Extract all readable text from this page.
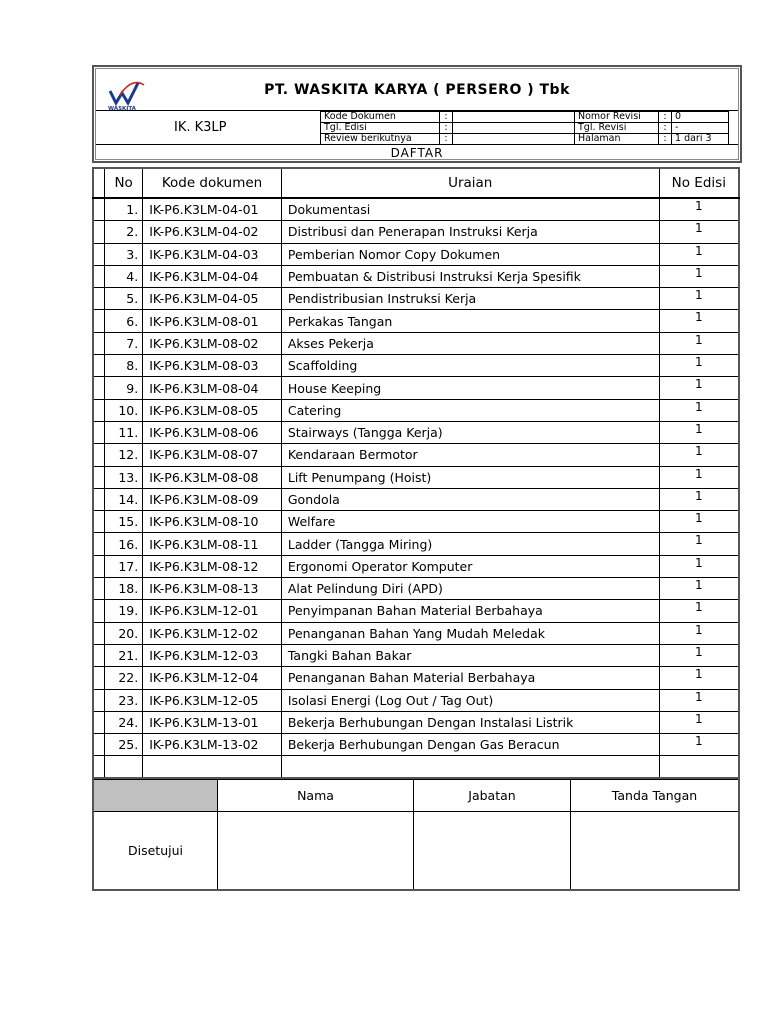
WASKITA
PT. WASKITA KARYA ( PERSERO ) Tbk
IK. K3LP
Kode Dokumen	:		Nomor Revisi	:	0
Tgl. Edisi	:		Tgl. Revisi	:	-
Review berikutnya	:		Halaman	:	1 dari 3
DAFTAR
	No	Kode dokumen	Uraian	No Edisi
	1.	IK-P6.K3LM-04-01	Dokumentasi	1
	2.	IK-P6.K3LM-04-02	Distribusi dan Penerapan Instruksi Kerja	1
	3.	IK-P6.K3LM-04-03	Pemberian Nomor Copy Dokumen	1
	4.	IK-P6.K3LM-04-04	Pembuatan & Distribusi Instruksi Kerja Spesifik	1
	5.	IK-P6.K3LM-04-05	Pendistribusian Instruksi Kerja	1
	6.	IK-P6.K3LM-08-01	Perkakas Tangan	1
	7.	IK-P6.K3LM-08-02	Akses Pekerja	1
	8.	IK-P6.K3LM-08-03	Scaffolding	1
	9.	IK-P6.K3LM-08-04	House Keeping	1
	10.	IK-P6.K3LM-08-05	Catering	1
	11.	IK-P6.K3LM-08-06	Stairways (Tangga Kerja)	1
	12.	IK-P6.K3LM-08-07	Kendaraan Bermotor	1
	13.	IK-P6.K3LM-08-08	Lift Penumpang (Hoist)	1
	14.	IK-P6.K3LM-08-09	Gondola	1
	15.	IK-P6.K3LM-08-10	Welfare	1
	16.	IK-P6.K3LM-08-11	Ladder (Tangga Miring)	1
	17.	IK-P6.K3LM-08-12	Ergonomi Operator Komputer	1
	18.	IK-P6.K3LM-08-13	Alat Pelindung Diri (APD)	1
	19.	IK-P6.K3LM-12-01	Penyimpanan Bahan Material Berbahaya	1
	20.	IK-P6.K3LM-12-02	Penanganan Bahan Yang Mudah Meledak	1
	21.	IK-P6.K3LM-12-03	Tangki Bahan Bakar	1
	22.	IK-P6.K3LM-12-04	Penanganan Bahan Material Berbahaya	1
	23.	IK-P6.K3LM-12-05	Isolasi Energi (Log Out / Tag Out)	1
	24.	IK-P6.K3LM-13-01	Bekerja Berhubungan Dengan Instalasi Listrik	1
	25.	IK-P6.K3LM-13-02	Bekerja Berhubungan Dengan Gas Beracun	1

	Nama	Jabatan	Tanda Tangan
Disetujui			
